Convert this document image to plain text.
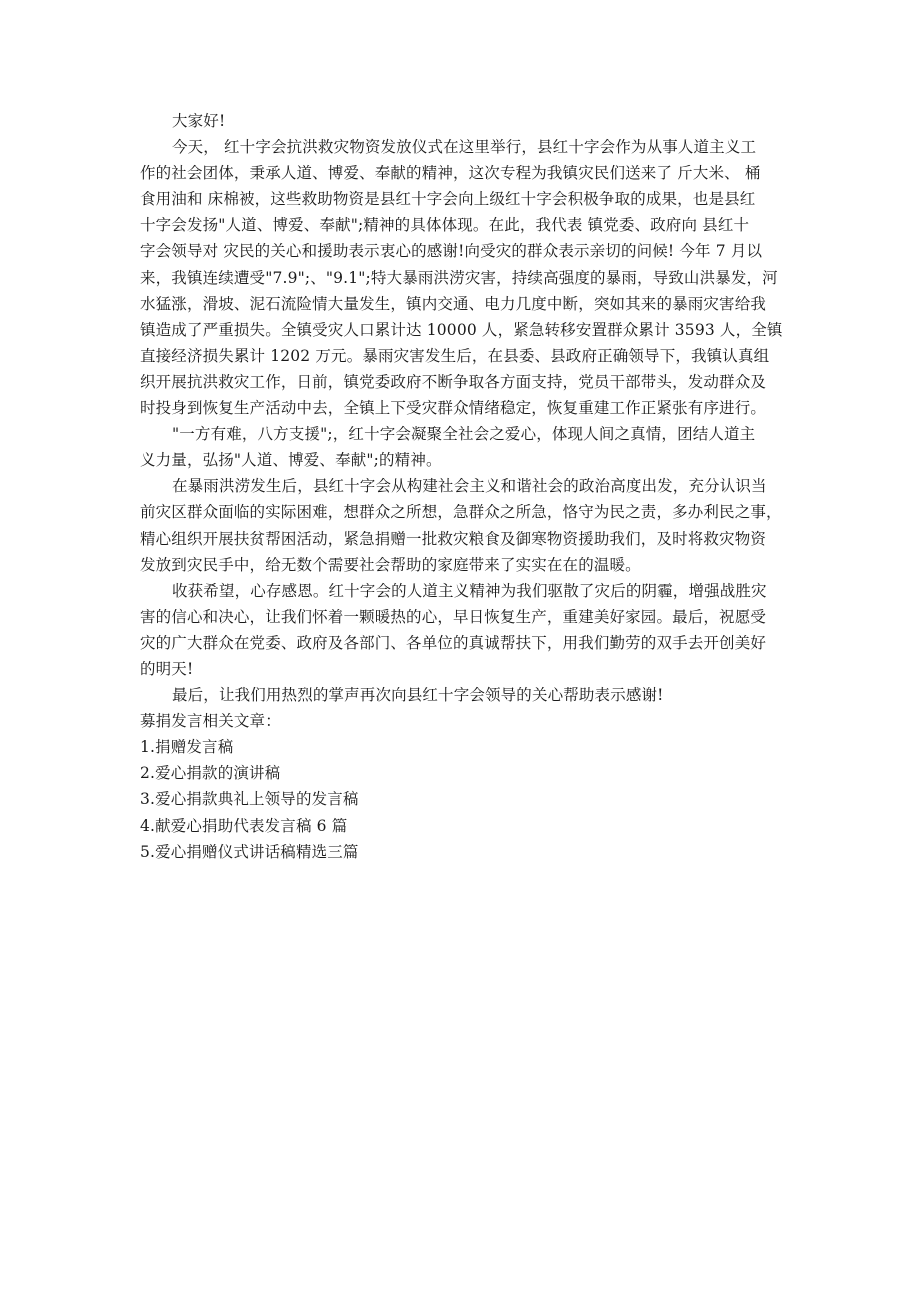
大家好!
今天， 红十字会抗洪救灾物资发放仪式在这里举行，县红十字会作为从事人道主义工
作的社会团体，秉承人道、博爱、奉献的精神，这次专程为我镇灾民们送来了 斤大米、 桶
食用油和 床棉被，这些救助物资是县红十字会向上级红十字会积极争取的成果，也是县红
十字会发扬"人道、博爱、奉献";精神的具体体现。在此，我代表 镇党委、政府向 县红十
字会领导对 灾民的关心和援助表示衷心的感谢!向受灾的群众表示亲切的问候! 今年 7 月以
来，我镇连续遭受"7.9";、"9.1";特大暴雨洪涝灾害，持续高强度的暴雨，导致山洪暴发，河
水猛涨，滑坡、泥石流险情大量发生，镇内交通、电力几度中断，突如其来的暴雨灾害给我
镇造成了严重损失。全镇受灾人口累计达 10000 人，紧急转移安置群众累计 3593 人，全镇
直接经济损失累计 1202 万元。暴雨灾害发生后，在县委、县政府正确领导下，我镇认真组
织开展抗洪救灾工作，日前，镇党委政府不断争取各方面支持，党员干部带头，发动群众及
时投身到恢复生产活动中去，全镇上下受灾群众情绪稳定，恢复重建工作正紧张有序进行。
"一方有难，八方支援";，红十字会凝聚全社会之爱心，体现人间之真情，团结人道主
义力量，弘扬"人道、博爱、奉献";的精神。
在暴雨洪涝发生后，县红十字会从构建社会主义和谐社会的政治高度出发，充分认识当
前灾区群众面临的实际困难，想群众之所想，急群众之所急，恪守为民之责，多办利民之事，
精心组织开展扶贫帮困活动，紧急捐赠一批救灾粮食及御寒物资援助我们，及时将救灾物资
发放到灾民手中，给无数个需要社会帮助的家庭带来了实实在在的温暖。
收获希望，心存感恩。红十字会的人道主义精神为我们驱散了灾后的阴霾，增强战胜灾
害的信心和决心，让我们怀着一颗暖热的心，早日恢复生产，重建美好家园。最后，祝愿受
灾的广大群众在党委、政府及各部门、各单位的真诚帮扶下，用我们勤劳的双手去开创美好
的明天!
最后，让我们用热烈的掌声再次向县红十字会领导的关心帮助表示感谢!
募捐发言相关文章：
1.捐赠发言稿
2.爱心捐款的演讲稿
3.爱心捐款典礼上领导的发言稿
4.献爱心捐助代表发言稿 6 篇
5.爱心捐赠仪式讲话稿精选三篇
